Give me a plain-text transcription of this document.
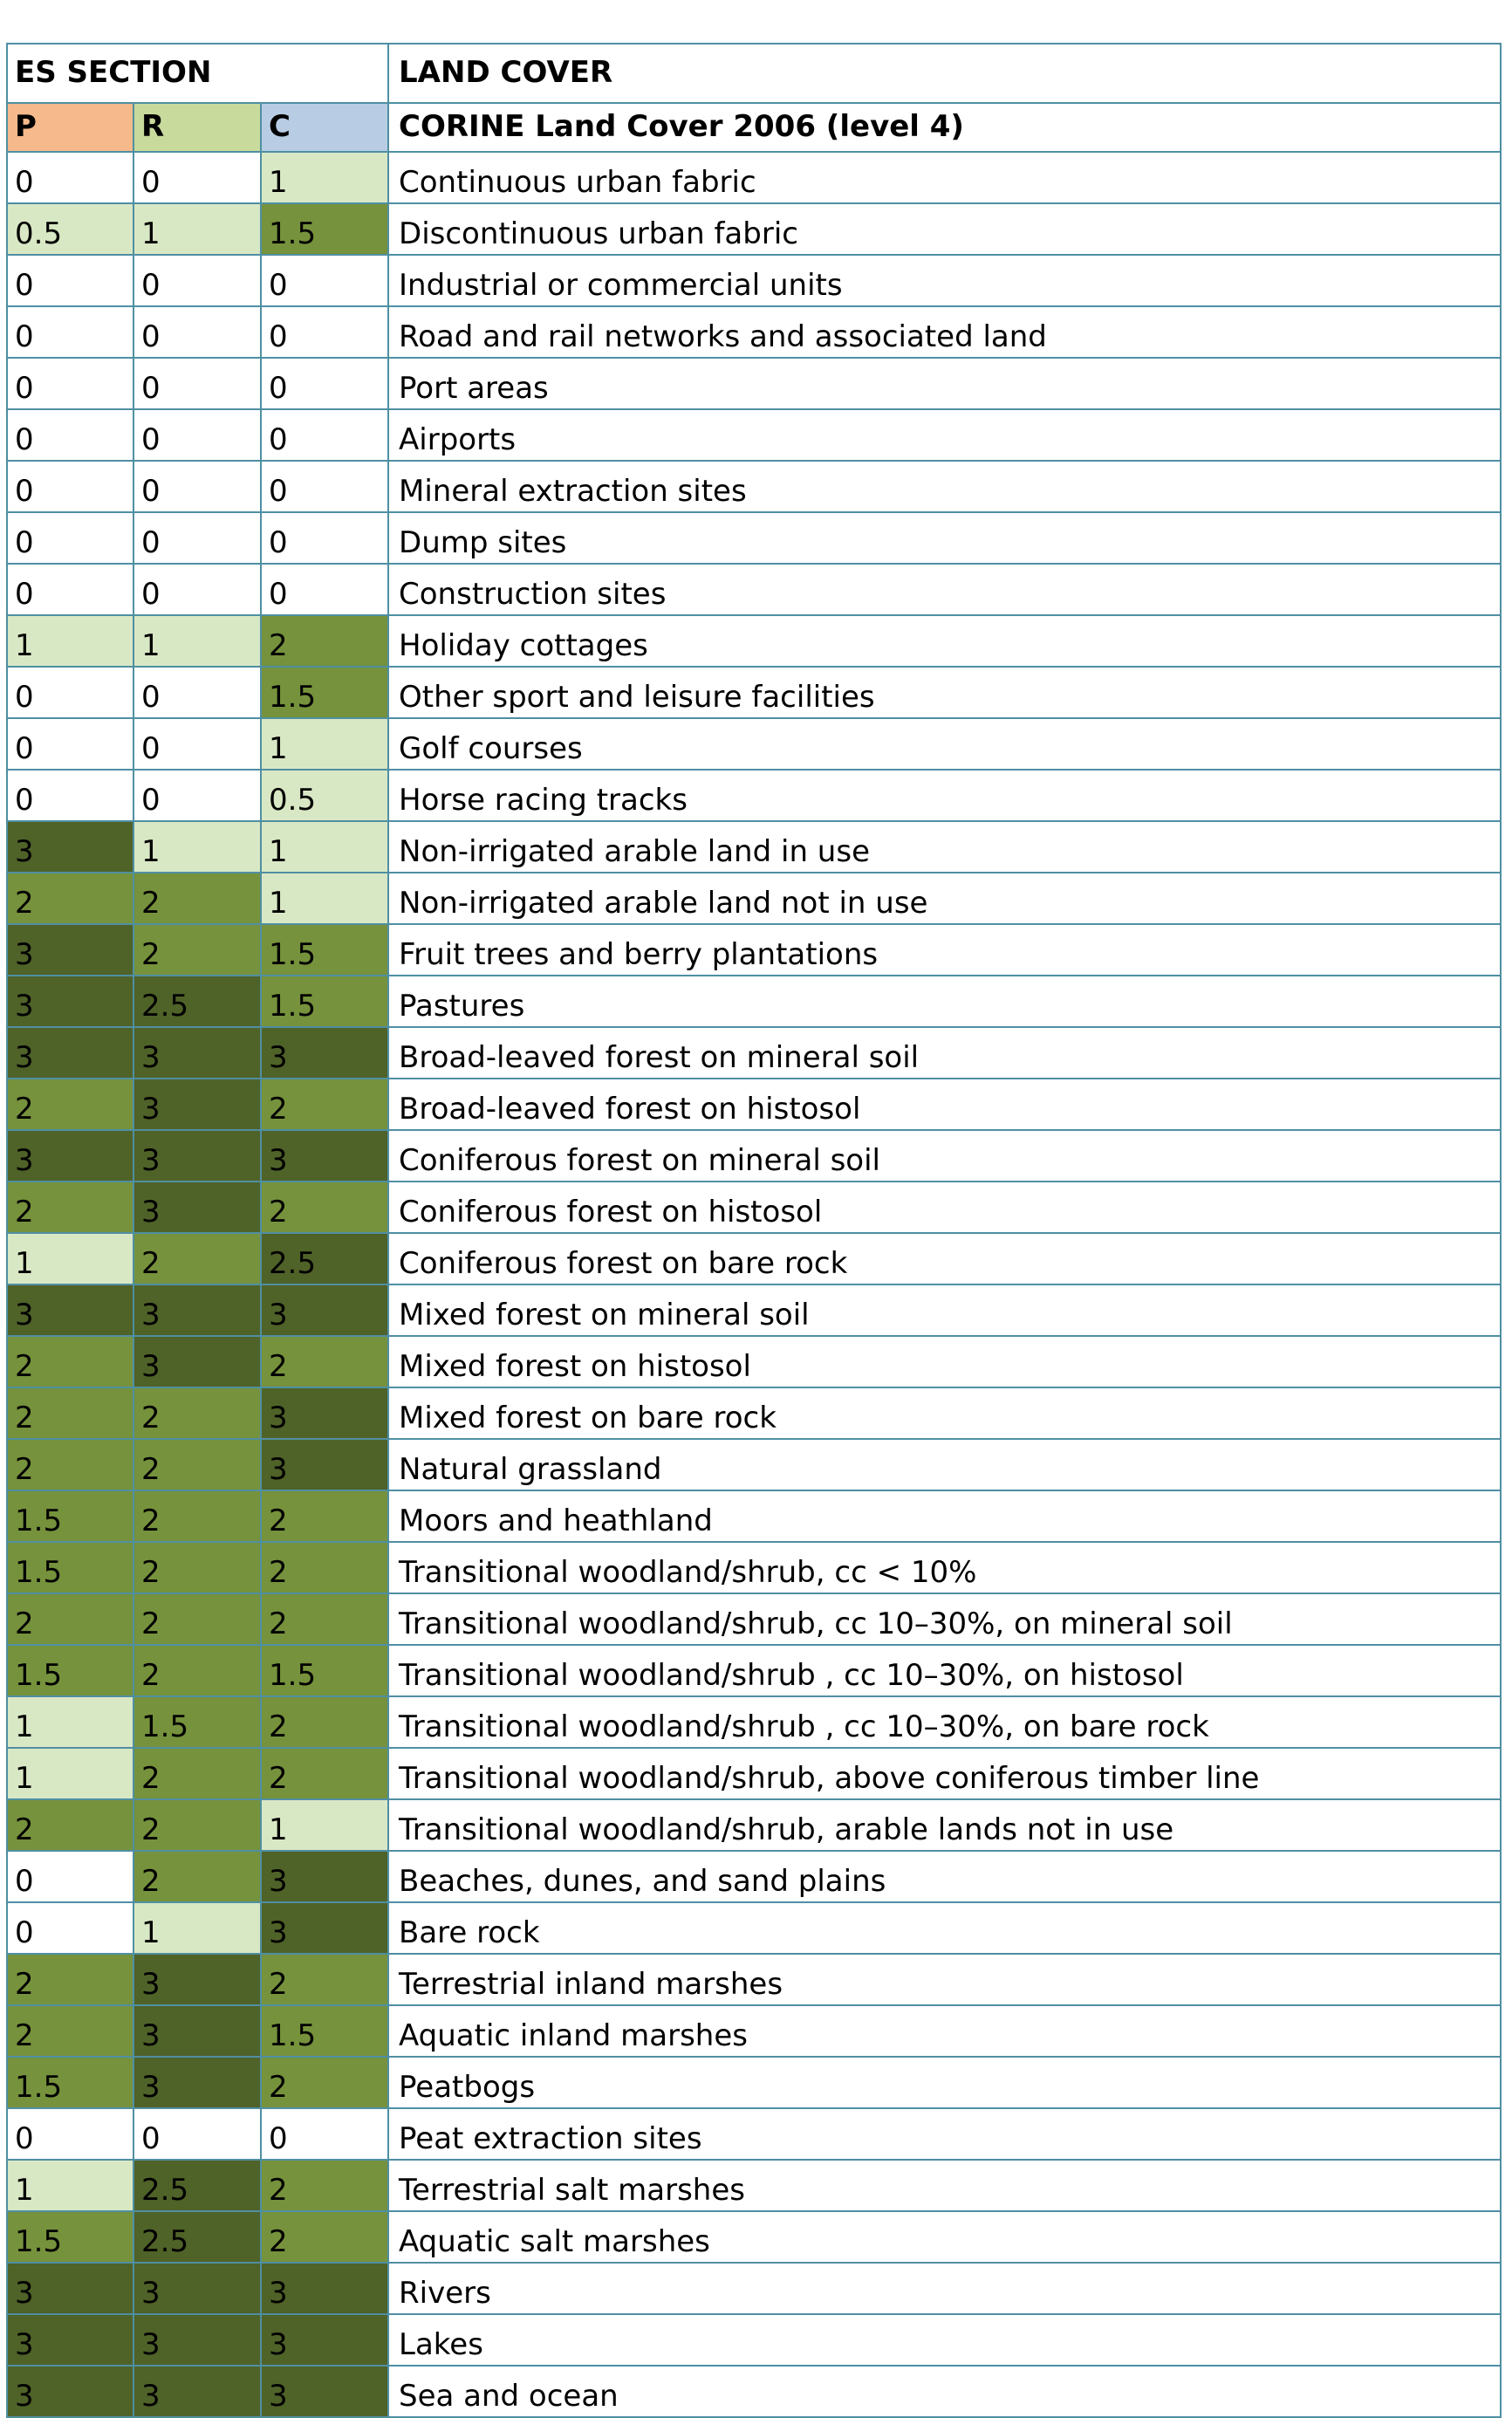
ES SECTION			LAND COVER
P	R	C	CORINE Land Cover 2006 (level 4)
0	0	1	Continuous urban fabric
0.5	1	1.5	Discontinuous urban fabric
0	0	0	Industrial or commercial units
0	0	0	Road and rail networks and associated land
0	0	0	Port areas
0	0	0	Airports
0	0	0	Mineral extraction sites
0	0	0	Dump sites
0	0	0	Construction sites
1	1	2	Holiday cottages
0	0	1.5	Other sport and leisure facilities
0	0	1	Golf courses
0	0	0.5	Horse racing tracks
3	1	1	Non-irrigated arable land in use
2	2	1	Non-irrigated arable land not in use
3	2	1.5	Fruit trees and berry plantations
3	2.5	1.5	Pastures
3	3	3	Broad-leaved forest on mineral soil
2	3	2	Broad-leaved forest on histosol
3	3	3	Coniferous forest on mineral soil
2	3	2	Coniferous forest on histosol
1	2	2.5	Coniferous forest on bare rock
3	3	3	Mixed forest on mineral soil
2	3	2	Mixed forest on histosol
2	2	3	Mixed forest on bare rock
2	2	3	Natural grassland
1.5	2	2	Moors and heathland
1.5	2	2	Transitional woodland/shrub, cc < 10%
2	2	2	Transitional woodland/shrub, cc 10–30%, on mineral soil
1.5	2	1.5	Transitional woodland/shrub , cc 10–30%, on histosol
1	1.5	2	Transitional woodland/shrub , cc 10–30%, on bare rock
1	2	2	Transitional woodland/shrub, above coniferous timber line
2	2	1	Transitional woodland/shrub, arable lands not in use
0	2	3	Beaches, dunes, and sand plains
0	1	3	Bare rock
2	3	2	Terrestrial inland marshes
2	3	1.5	Aquatic inland marshes
1.5	3	2	Peatbogs
0	0	0	Peat extraction sites
1	2.5	2	Terrestrial salt marshes
1.5	2.5	2	Aquatic salt marshes
3	3	3	Rivers
3	3	3	Lakes
3	3	3	Sea and ocean
